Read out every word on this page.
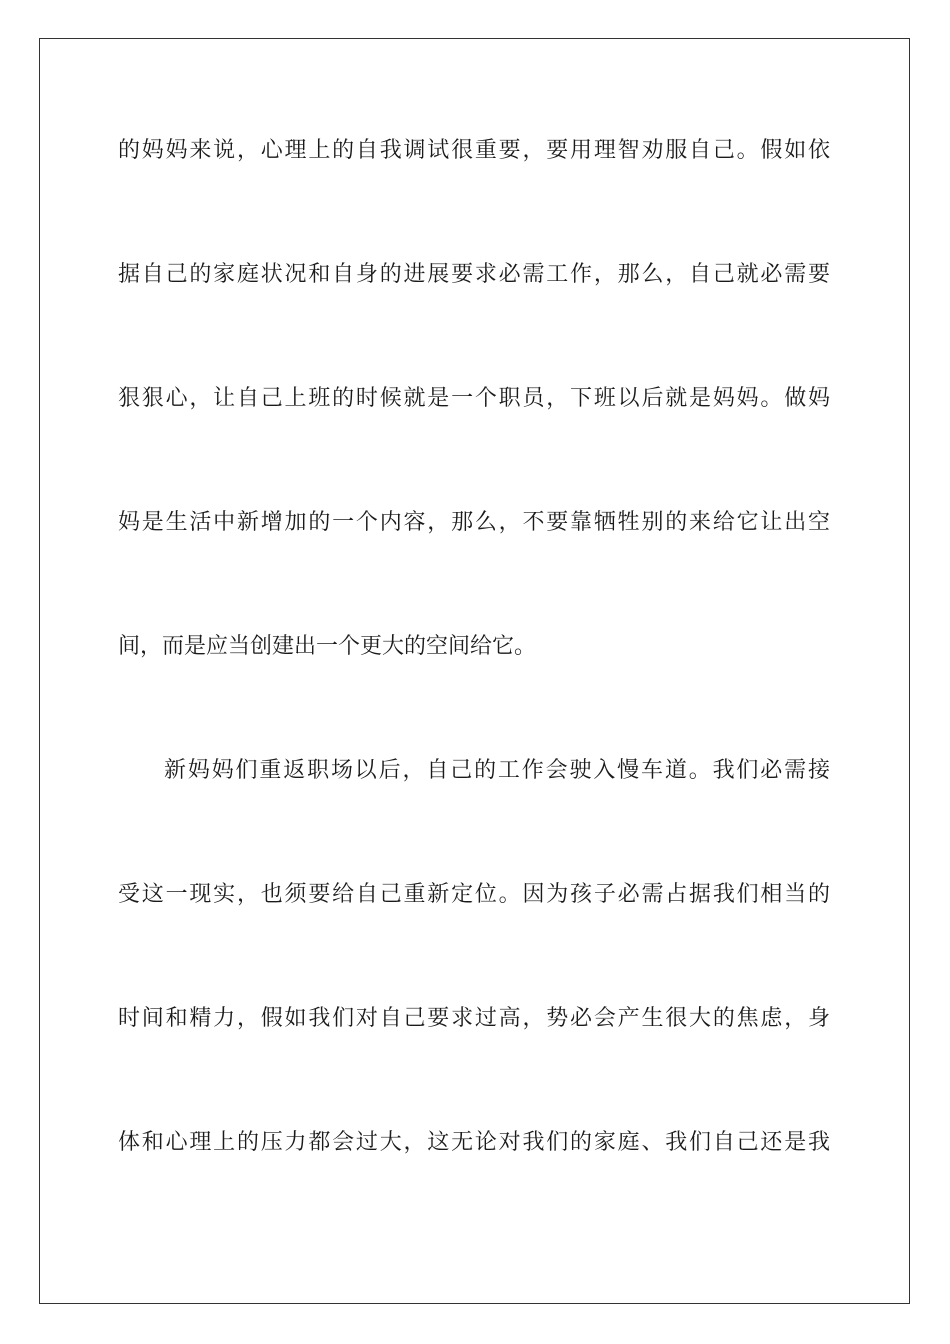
的妈妈来说，心理上的自我调试很重要，要用理智劝服自己。假如依
据自己的家庭状况和自身的进展要求必需工作，那么，自己就必需要
狠狠心，让自己上班的时候就是一个职员，下班以后就是妈妈。做妈
妈是生活中新增加的一个内容，那么，不要靠牺牲别的来给它让出空
间，而是应当创建出一个更大的空间给它。
新妈妈们重返职场以后，自己的工作会驶入慢车道。我们必需接
受这一现实，也须要给自己重新定位。因为孩子必需占据我们相当的
时间和精力，假如我们对自己要求过高，势必会产生很大的焦虑，身
体和心理上的压力都会过大，这无论对我们的家庭、我们自己还是我
